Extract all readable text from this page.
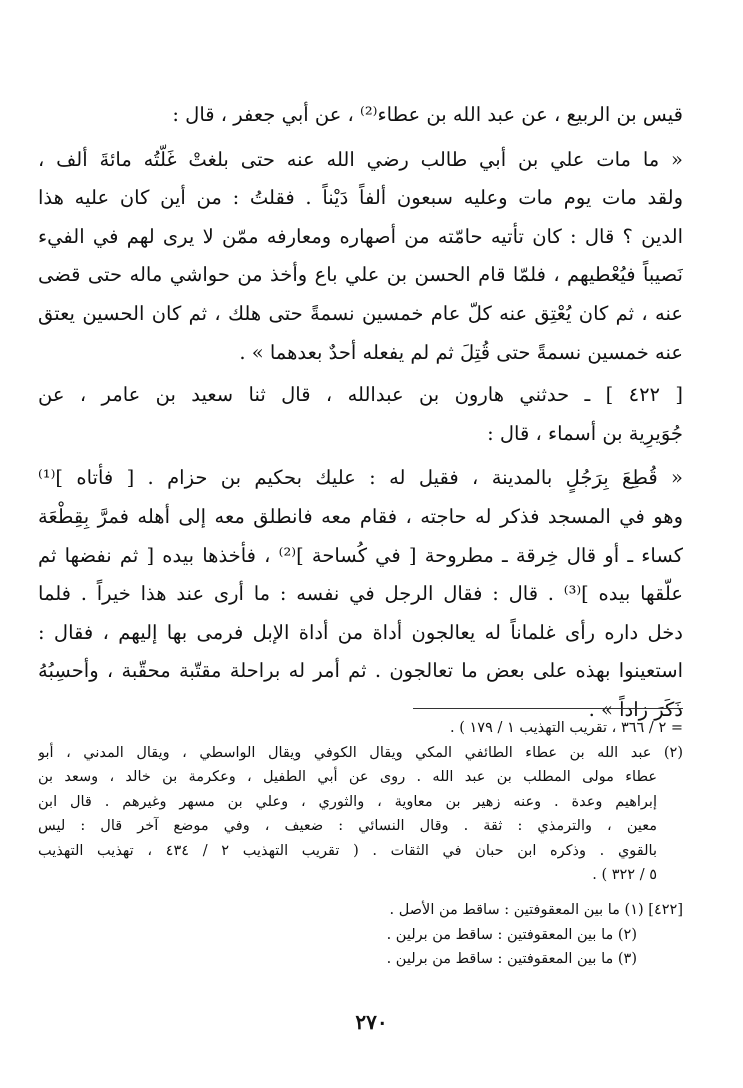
قيس بن الربيع ، عن عبد الله بن عطاء⁽²⁾ ، عن أبي جعفر ، قال :
« ما مات علي بن أبي طالب رضي الله عنه حتى بلغتْ غَلّتُه مائةَ ألف ،
ولقد مات يوم مات وعليه سبعون ألفاً دَيْناً . فقلتُ : من أين كان عليه هذا
الدين ؟ قال : كان تأتيه حامّته من أصهاره ومعارفه ممّن لا يرى لهم في الفيء
نَصيباً فيُعْطيهم ، فلمّا قام الحسن بن علي باع وأخذ من حواشي ماله حتى قضى
عنه ، ثم كان يُعْتِق عنه كلّ عام خمسين نسمةً حتى هلك ، ثم كان الحسين يعتق
عنه خمسين نسمةً حتى قُتِلَ ثم لم يفعله أحدٌ بعدهما » .
[ ٤٢٢ ] ـ حدثني هارون بن عبدالله ، قال ثنا سعيد بن عامر ، عن
جُوَيرِية بن أسماء ، قال :
« قُطِعَ بِرَجُلٍ بالمدينة ، فقيل له : عليك بحكيم بن حزام . [ فأتاه ]⁽¹⁾
وهو في المسجد فذكر له حاجته ، فقام معه فانطلق معه إلى أهله فمرَّ بِقِطْعَة
كساء ـ أو قال خِرقة ـ مطروحة [ في كُساحة ]⁽²⁾ ، فأخذها بيده [ ثم نفضها ثم
علّقها بيده ]⁽³⁾ . قال : فقال الرجل في نفسه : ما أرى عند هذا خيراً . فلما
دخل داره رأى غلماناً له يعالجون أداة من أداة الإبل فرمى بها إليهم ، فقال :
استعينوا بهذه على بعض ما تعالجون . ثم أمر له براحلة مقتّبة محقّبة ، وأحسِبُهُ
ذَكَرَ زاداً » .
= ٢ / ٣٦٦ ، تقريب التهذيب ١ / ١٧٩ ) .
(٢) عبد الله بن عطاء الطائفي المكي ويقال الكوفي ويقال الواسطي ، ويقال المدني ، أبو
عطاء مولى المطلب بن عبد الله . روى عن أبي الطفيل ، وعكرمة بن خالد ، وسعد بن
إبراهيم وعدة . وعنه زهير بن معاوية ، والثوري ، وعلي بن مسهر وغيرهم . قال ابن
معين ، والترمذي : ثقة . وقال النسائي : ضعيف ، وفي موضع آخر قال : ليس
بالقوي . وذكره ابن حبان في الثقات . ( تقريب التهذيب ٢ / ٤٣٤ ، تهذيب التهذيب
٥ / ٣٢٢ ) .
[٤٢٢] (١) ما بين المعقوفتين : ساقط من الأصل .
(٢) ما بين المعقوفتين : ساقط من برلين .
(٣) ما بين المعقوفتين : ساقط من برلين .
٢٧٠
